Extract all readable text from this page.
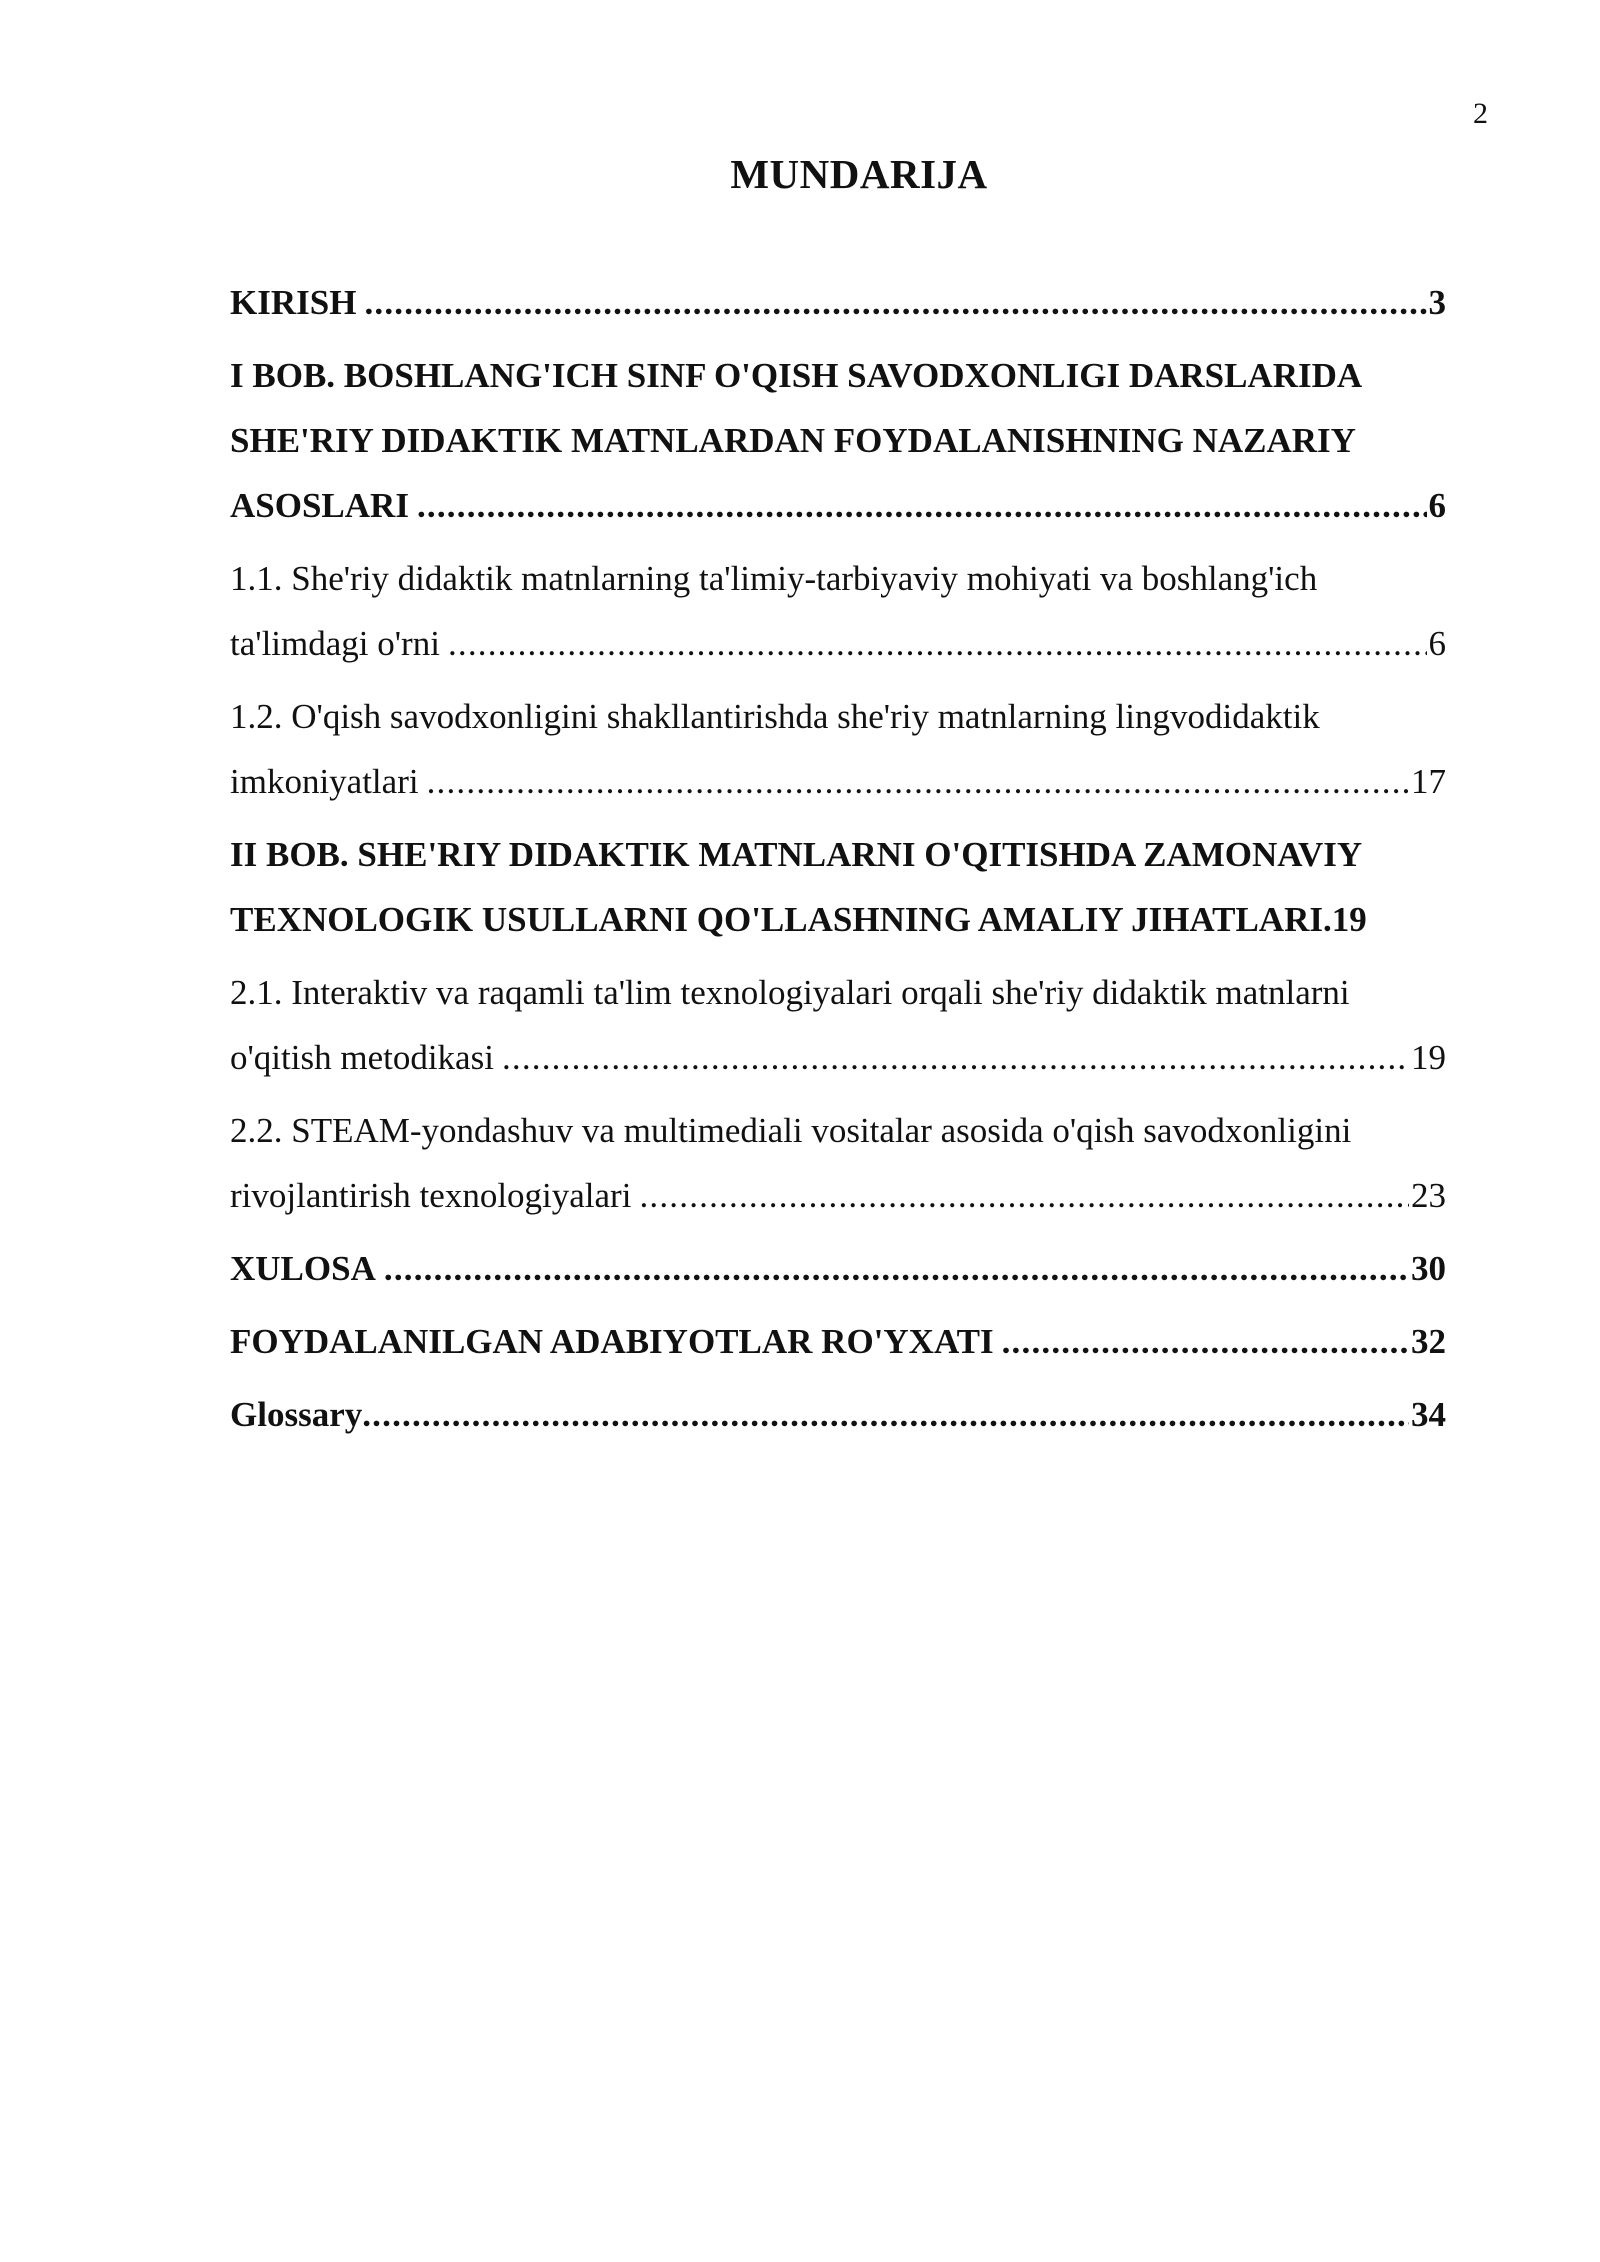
2
MUNDARIJA
KIRISH .....	3
I BOB. BOSHLANG'ICH SINF O'QISH SAVODXONLIGI DARSLARIDA
SHE'RIY DIDAKTIK MATNLARDAN FOYDALANISHNING NAZARIY
ASOSLARI .....	6
1.1. She'riy didaktik matnlarning ta'limiy-tarbiyaviy mohiyati va boshlang'ich
ta'limdagi o'rni .....	6
1.2. O'qish savodxonligini shakllantirishda she'riy matnlarning lingvodidaktik
imkoniyatlari .....	17
II BOB. SHE'RIY DIDAKTIK MATNLARNI O'QITISHDA ZAMONAVIY
TEXNOLOGIK USULLARNI QO'LLASHNING AMALIY JIHATLARI. 19
2.1. Interaktiv va raqamli ta'lim texnologiyalari orqali she'riy didaktik matnlarni
o'qitish metodikasi .....	19
2.2. STEAM-yondashuv va multimediali vositalar asosida o'qish savodxonligini
rivojlantirish texnologiyalari .....	23
XULOSA .....	30
FOYDALANILGAN ADABIYOTLAR RO'YXATI .....	32
Glossary .....	34
